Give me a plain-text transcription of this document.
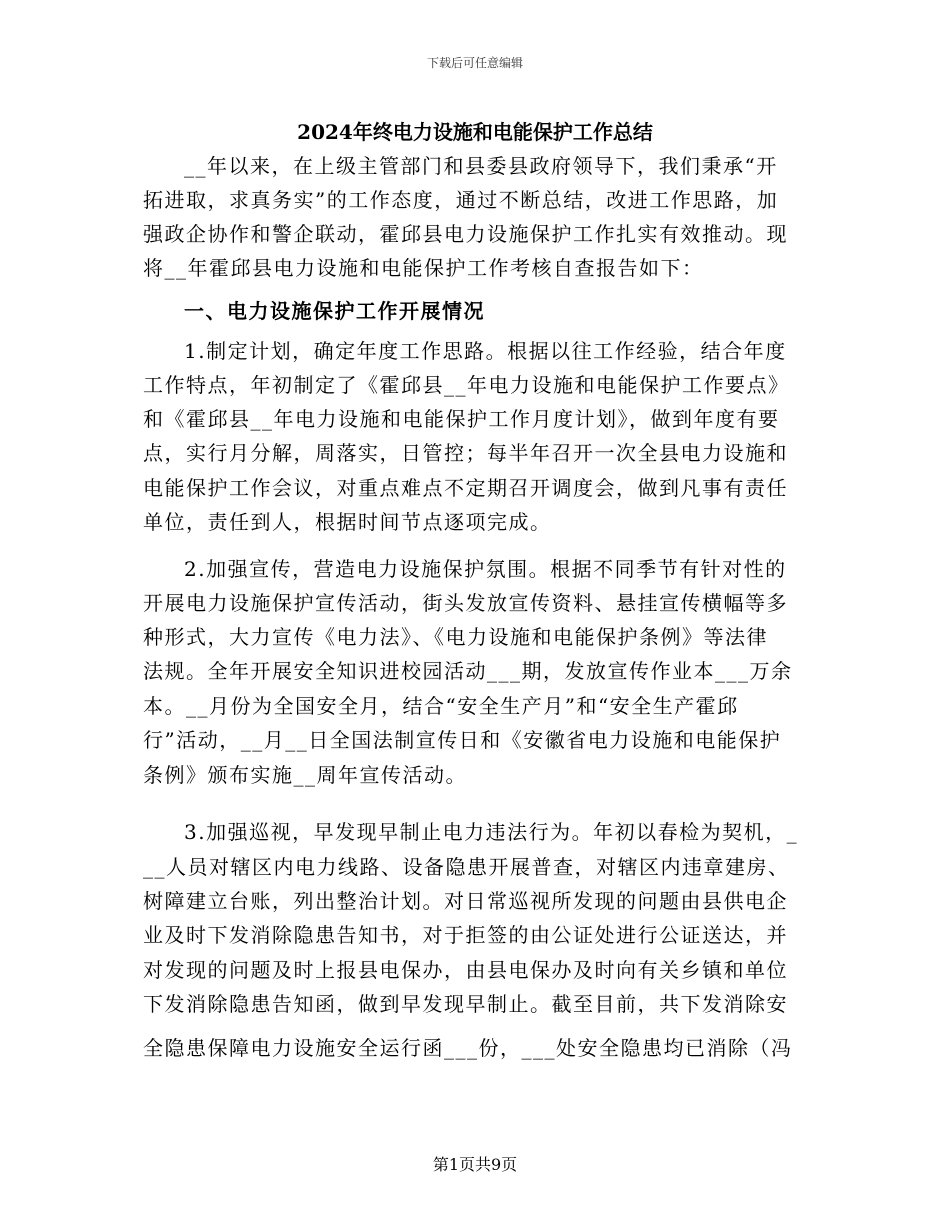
下载后可任意编辑
2024年终电力设施和电能保护工作总结
__年以来，在上级主管部门和县委县政府领导下，我们秉承“开
拓进取，求真务实”的工作态度，通过不断总结，改进工作思路，加
强政企协作和警企联动，霍邱县电力设施保护工作扎实有效推动。现
将__年霍邱县电力设施和电能保护工作考核自查报告如下：
一、电力设施保护工作开展情况
1.制定计划，确定年度工作思路。根据以往工作经验，结合年度
工作特点，年初制定了《霍邱县__年电力设施和电能保护工作要点》
和《霍邱县__年电力设施和电能保护工作月度计划》，做到年度有要
点，实行月分解，周落实，日管控；每半年召开一次全县电力设施和
电能保护工作会议，对重点难点不定期召开调度会，做到凡事有责任
单位，责任到人，根据时间节点逐项完成。
2.加强宣传，营造电力设施保护氛围。根据不同季节有针对性的
开展电力设施保护宣传活动，街头发放宣传资料、悬挂宣传横幅等多
种形式，大力宣传《电力法》、《电力设施和电能保护条例》等法律
法规。全年开展安全知识进校园活动___期，发放宣传作业本___万余
本。__月份为全国安全月，结合“安全生产月”和“安全生产霍邱
行”活动，__月__日全国法制宣传日和《安徽省电力设施和电能保护
条例》颁布实施__周年宣传活动。
3.加强巡视，早发现早制止电力违法行为。年初以春检为契机，_
__人员对辖区内电力线路、设备隐患开展普查，对辖区内违章建房、
树障建立台账，列出整治计划。对日常巡视所发现的问题由县供电企
业及时下发消除隐患告知书，对于拒签的由公证处进行公证送达，并
对发现的问题及时上报县电保办，由县电保办及时向有关乡镇和单位
下发消除隐患告知函，做到早发现早制止。截至目前，共下发消除安
全隐患保障电力设施安全运行函___份，___处安全隐患均已消除（冯
第1页共9页
